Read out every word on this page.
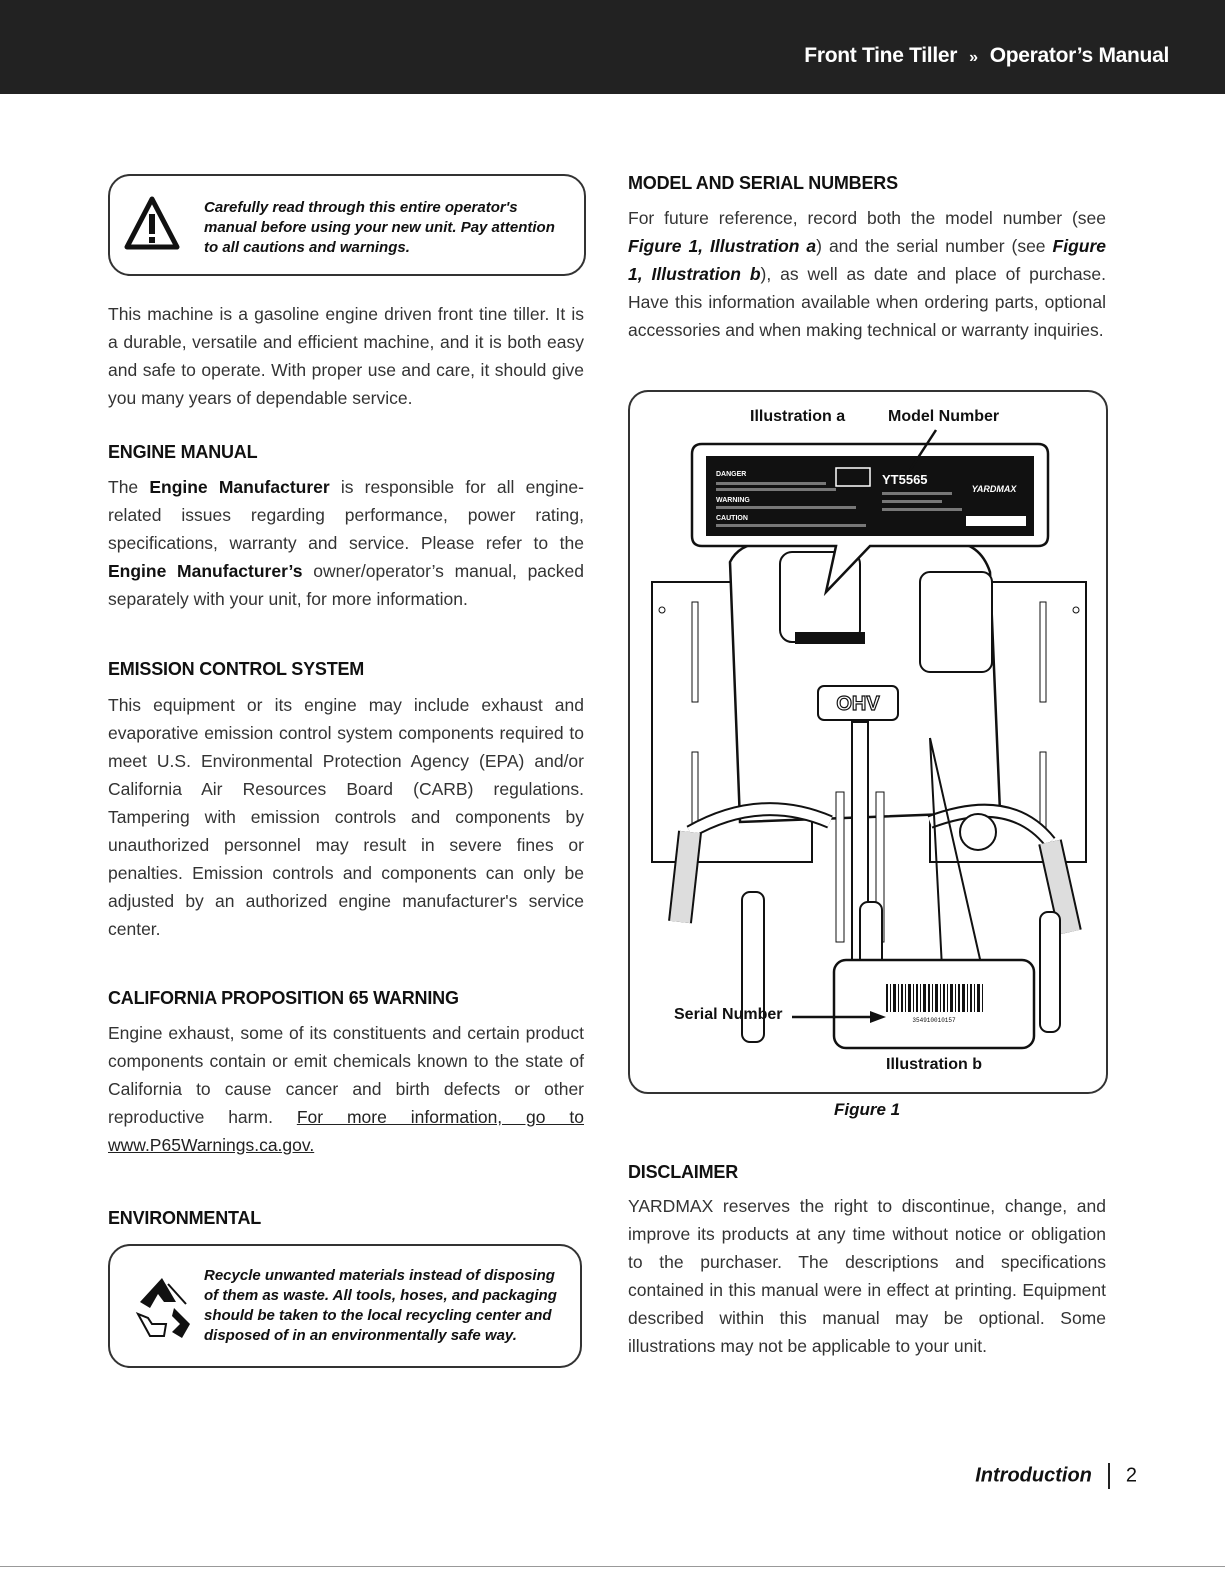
Front Tine Tiller » Operator’s Manual
Carefully read through this entire operator's manual before using your new unit. Pay attention to all cautions and warnings.

This machine is a gasoline engine driven front tine tiller. It is a durable, versatile and efficient machine, and it is both easy and safe to operate. With proper use and care, it should give you many years of dependable service.

ENGINE MANUAL

The Engine Manufacturer is responsible for all engine-related issues regarding performance, power rating, specifications, warranty and service. Please refer to the Engine Manufacturer’s owner/operator’s manual, packed separately with your unit, for more information.

EMISSION CONTROL SYSTEM

This equipment or its engine may include exhaust and evaporative emission control system components required to meet U.S. Environmental Protection Agency (EPA) and/or California Air Resources Board (CARB) regulations. Tampering with emission controls and components by unauthorized personnel may result in severe fines or penalties. Emission controls and components can only be adjusted by an authorized engine manufacturer's service center.

CALIFORNIA PROPOSITION 65 WARNING

Engine exhaust, some of its constituents and certain product components contain or emit chemicals known to the state of California to cause cancer and birth defects or other reproductive harm. For more information, go to www.P65Warnings.ca.gov.

ENVIRONMENTAL
Recycle unwanted materials instead of disposing of them as waste. All tools, hoses, and packaging should be taken to the local recycling center and disposed of in an environmentally safe way.
MODEL AND SERIAL NUMBERS

For future reference, record both the model number (see Figure 1, Illustration a) and the serial number (see Figure 1, Illustration b), as well as date and place of purchase. Have this information available when ordering parts, optional accessories and when making technical or warranty inquiries.

OHV
DANGER
WARNING
CAUTION
YT5565
YARDMAX
354910010157
Illustration a	Model Number
Serial Number
Illustration b
Figure 1
DISCLAIMER

YARDMAX reserves the right to discontinue, change, and improve its products at any time without notice or obligation to the purchaser. The descriptions and specifications contained in this manual were in effect at printing. Equipment described within this manual may be optional. Some illustrations may not be applicable to your unit.

Introduction 2
